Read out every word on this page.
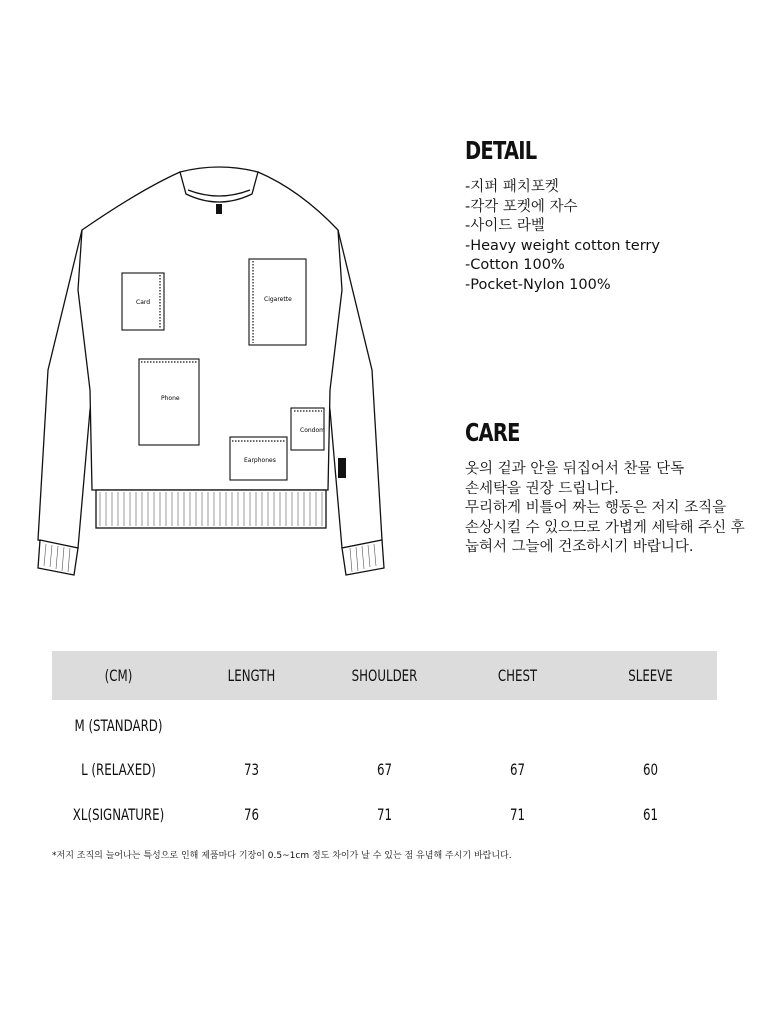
Card	Cigarette
Phone
Condom
Earphones
DETAIL
-지퍼 패치포켓
-각각 포켓에 자수
-사이드 라벨
-Heavy weight cotton terry
-Cotton 100%
-Pocket-Nylon 100%
CARE

옷의 겉과 안을 뒤집어서 찬물 단독

손세탁을 권장 드립니다.

무리하게 비틀어 짜는 행동은 저지 조직을

손상시킬 수 있으므로 가볍게 세탁해 주신 후

눕혀서 그늘에 건조하시기 바랍니다.

(CM)	LENGTH	SHOULDER	CHEST	SLEEVE
M (STANDARD)
L (RELAXED)	73	67	67	60
XL(SIGNATURE)	76	71	71	61

*저지 조직의 늘어나는 특성으로 인해 제품마다 기장이 0.5~1cm 정도 차이가 날 수 있는 점 유념해 주시기 바랍니다.
